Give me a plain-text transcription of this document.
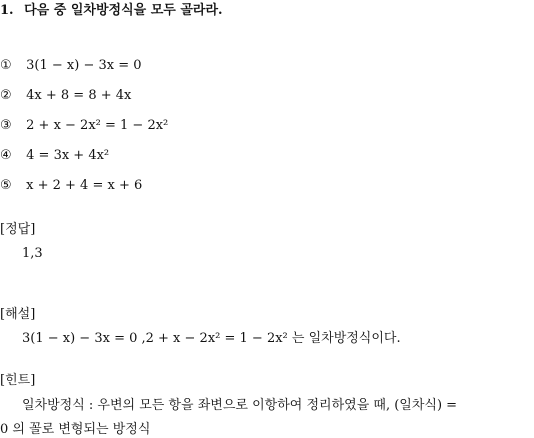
1. 다음 중 일차방정식을 모두 골라라.
① 3(1 − x) − 3x = 0
② 4x + 8 = 8 + 4x
③ 2 + x − 2x² = 1 − 2x²
④ 4 = 3x + 4x²
⑤ x + 2 + 4 = x + 6
[정답]
1,3
[해설]
3(1 − x) − 3x = 0 ,2 + x − 2x² = 1 − 2x² 는 일차방정식이다.
[힌트]
일차방정식 : 우변의 모든 항을 좌변으로 이항하여 정리하였을 때, (일차식) =
0 의 꼴로 변형되는 방정식
